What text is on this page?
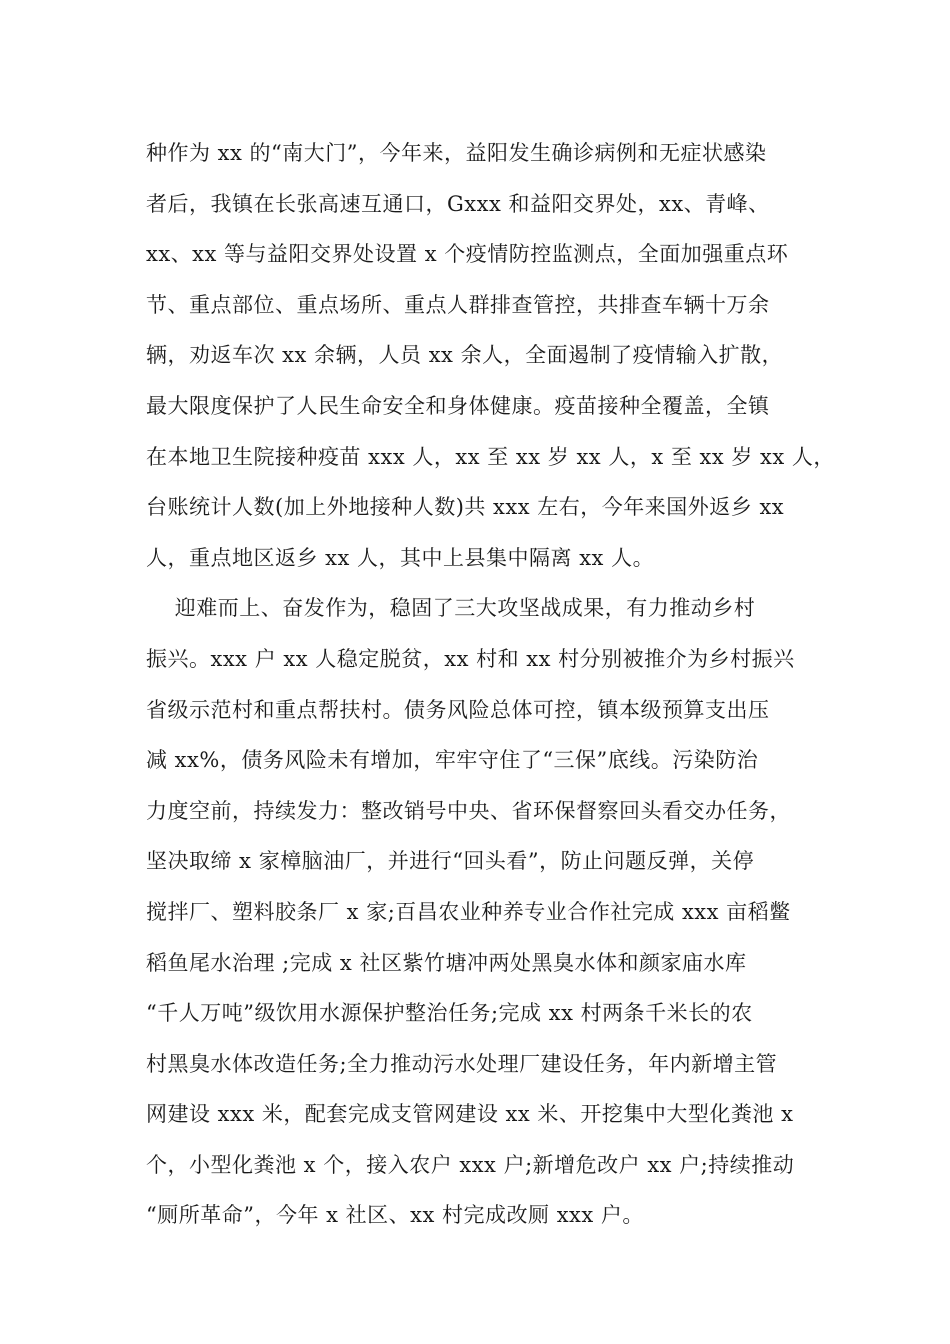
种作为 xx 的“南大门”，今年来，益阳发生确诊病例和无症状感染
者后，我镇在长张高速互通口，Gxxx 和益阳交界处，xx、青峰、
xx、xx 等与益阳交界处设置 x 个疫情防控监测点，全面加强重点环
节、重点部位、重点场所、重点人群排查管控，共排查车辆十万余
辆，劝返车次 xx 余辆，人员 xx 余人，全面遏制了疫情输入扩散，
最大限度保护了人民生命安全和身体健康。疫苗接种全覆盖，全镇
在本地卫生院接种疫苗 xxx 人，xx 至 xx 岁 xx 人，x 至 xx 岁 xx 人，
台账统计人数(加上外地接种人数)共 xxx 左右，今年来国外返乡 xx
人，重点地区返乡 xx 人，其中上县集中隔离 xx 人。
迎难而上、奋发作为，稳固了三大攻坚战成果，有力推动乡村
振兴。xxx 户 xx 人稳定脱贫，xx 村和 xx 村分别被推介为乡村振兴
省级示范村和重点帮扶村。债务风险总体可控，镇本级预算支出压
减 xx%，债务风险未有增加，牢牢守住了“三保”底线。污染防治
力度空前，持续发力：整改销号中央、省环保督察回头看交办任务，
坚决取缔 x 家樟脑油厂，并进行“回头看”，防止问题反弹，关停
搅拌厂、塑料胶条厂 x 家;百昌农业种养专业合作社完成 xxx 亩稻鳖
稻鱼尾水治理 ;完成 x 社区紫竹塘冲两处黑臭水体和颜家庙水库
“千人万吨”级饮用水源保护整治任务;完成 xx 村两条千米长的农
村黑臭水体改造任务;全力推动污水处理厂建设任务，年内新增主管
网建设 xxx 米，配套完成支管网建设 xx 米、开挖集中大型化粪池 x
个，小型化粪池 x 个，接入农户 xxx 户;新增危改户 xx 户;持续推动
“厕所革命”，今年 x 社区、xx 村完成改厕 xxx 户。
